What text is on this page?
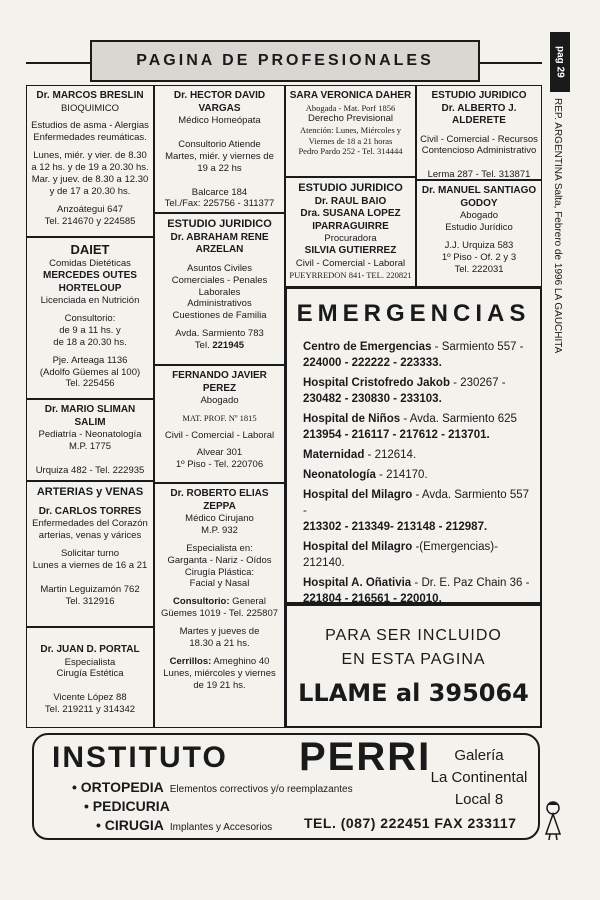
PAGINA DE PROFESIONALES	pag 29
REP. ARGENTINA Salta, Febrero de 1996 LA GAUCHITA
Dr. MARCOS BRESLIN
BIOQUIMICO
Estudios de asma - Alergias
Enfermedades reumáticas.
Lunes, miér. y vier. de 8.30
a 12 hs. y de 19 a 20.30 hs.
Mar. y juev. de 8.30 a 12.30
y de 17 a 20.30 hs.
Anzoátegui 647
Tel. 214670 y 224585
Dr. HECTOR DAVID VARGAS
Médico Homeópata
Consultorio Atiende
Martes, miér. y viernes de
19 a 22 hs
Balcarce 184
Tel./Fax: 225756 - 311377
SARA VERONICA DAHER
Abogada - Mat. Porf 1856
Derecho Previsional
Atención: Lunes, Miércoles y
Viernes de 18 a 21 horas
Pedro Pardo 252 - Tel. 314444
ESTUDIO JURIDICO
Dr. ALBERTO J. ALDERETE
Civil - Comercial - Recursos
Contencioso Administrativo
Lerma 287 - Tel. 313871
ESTUDIO JURIDICO
Dr. RAUL BAIO
Dra. SUSANA LOPEZ
IPARRAGUIRRE
Procuradora
SILVIA GUTIERREZ
Civil - Comercial - Laboral
PUEYRREDON 841- TEL. 220821
Dr. MANUEL SANTIAGO
GODOY
Abogado
Estudio Jurídico
J.J. Urquiza 583
1º Piso - Of. 2 y 3
Tel. 222031
DAIET
Comidas Dietéticas
MERCEDES OUTES
HORTELOUP
Licenciada en Nutrición
Consultorio:
de 9 a 11 hs. y
de 18 a 20.30 hs.
Pje. Arteaga 1136
(Adolfo Güemes al 100)
Tel. 225456
ESTUDIO JURIDICO
Dr. ABRAHAM RENE
ARZELAN
Asuntos Civiles
Comerciales - Penales
Laborales
Administrativos
Cuestiones de Familia
Avda. Sarmiento 783
Tel. 221945
EMERGENCIAS
Centro de Emergencias - Sarmiento 557 -
224000 - 222222 - 223333.
Hospital Cristofredo Jakob - 230267 -
230482 - 230830 - 233103.
Hospital de Niños - Avda. Sarmiento 625
213954 - 216117 - 217612 - 213701.
Maternidad - 212614.
Neonatología - 214170.
Hospital del Milagro - Avda. Sarmiento 557 -
213302 - 213349- 213148 - 212987.
Hospital del Milagro -(Emergencias)- 212140.
Hospital A. Oñativia - Dr. E. Paz Chain 36 -
221804 - 216561 - 220010.
Dr. MARIO SLIMAN SALIM
Pediatría - Neonatología
M.P. 1775
Urquiza 482 - Tel. 222935
FERNANDO JAVIER PEREZ
Abogado
MAT. PROF. Nº 1815
Civil - Comercial - Laboral
Alvear 301
1º Piso - Tel. 220706
ARTERIAS y VENAS
Dr. CARLOS TORRES
Enfermedades del Corazón
arterias, venas y várices
Solicitar turno
Lunes a viernes de 16 a 21
Martin Leguizamón 762
Tel. 312916
Dr. ROBERTO ELIAS
ZEPPA
Médico Cirujano
M.P. 932
Especialista en:
Garganta - Nariz - Oídos
Cirugía Plástica:
Facial y Nasal
Consultorio: General
Güemes 1019 - Tel. 225807
Martes y jueves de
18.30 a 21 hs.
Cerrillos: Ameghino 40
Lunes, miércoles y viernes
de 19 21 hs.
Dr. JUAN D. PORTAL
Especialista
Cirugía Estética
Vicente López 88
Tel. 219211 y 314342
PARA SER INCLUIDO
EN ESTA PAGINA
LLAME al 395064
INSTITUTO PERRI	Galería
La Continental
Local 8
• ORTOPEDIA Elementos correctivos y/o reemplazantes
• PEDICURIA
• CIRUGIA Implantes y Accesorios TEL. (087) 222451 FAX 233117
